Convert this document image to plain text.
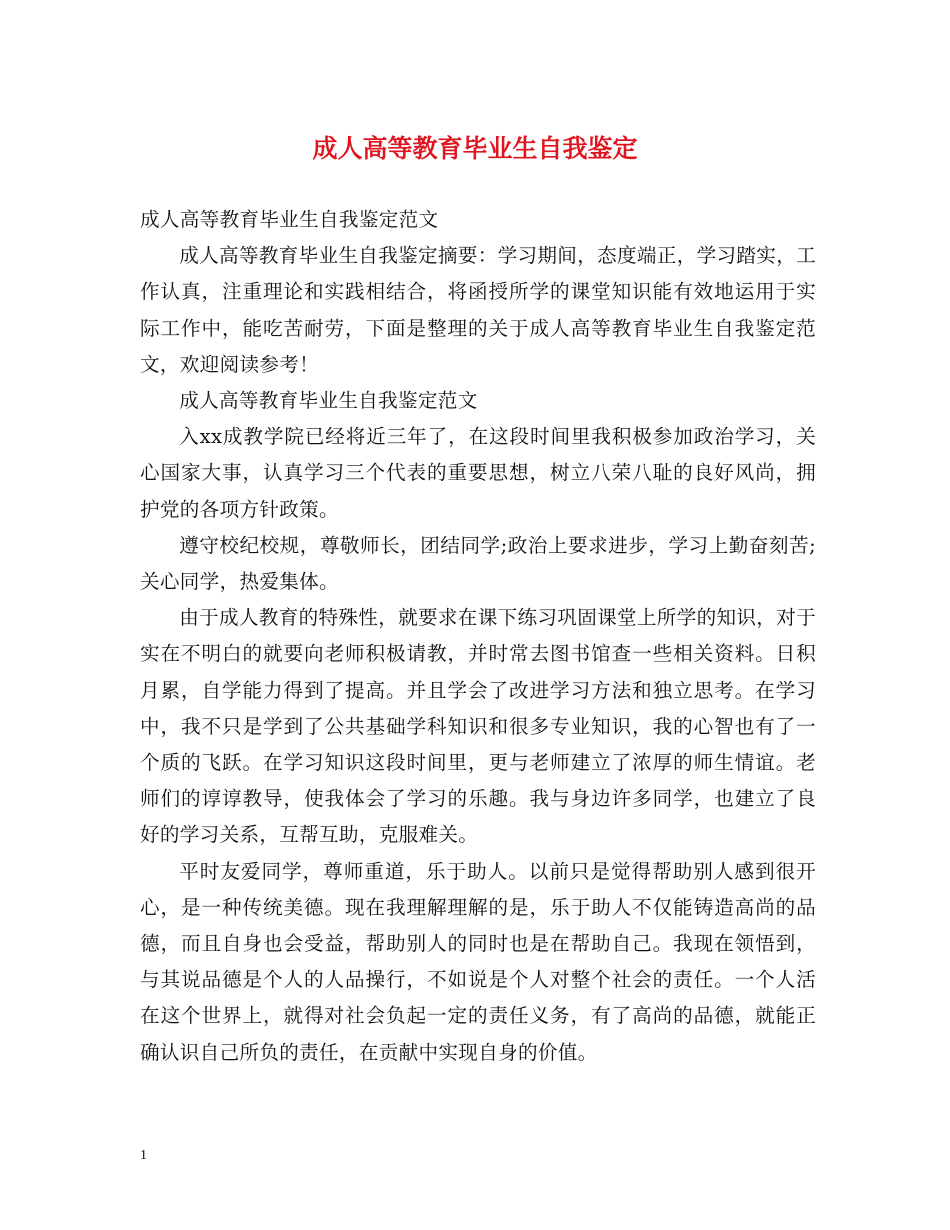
成人高等教育毕业生自我鉴定

成人高等教育毕业生自我鉴定范文

成人高等教育毕业生自我鉴定摘要：学习期间，态度端正，学习踏实，工作认真，注重理论和实践相结合，将函授所学的课堂知识能有效地运用于实际工作中，能吃苦耐劳，下面是整理的关于成人高等教育毕业生自我鉴定范文，欢迎阅读参考！

成人高等教育毕业生自我鉴定范文

入xx成教学院已经将近三年了，在这段时间里我积极参加政治学习，关心国家大事，认真学习三个代表的重要思想，树立八荣八耻的良好风尚，拥护党的各项方针政策。

遵守校纪校规，尊敬师长，团结同学;政治上要求进步，学习上勤奋刻苦;关心同学，热爱集体。

由于成人教育的特殊性，就要求在课下练习巩固课堂上所学的知识，对于实在不明白的就要向老师积极请教，并时常去图书馆查一些相关资料。日积月累，自学能力得到了提高。并且学会了改进学习方法和独立思考。在学习中，我不只是学到了公共基础学科知识和很多专业知识，我的心智也有了一个质的飞跃。在学习知识这段时间里，更与老师建立了浓厚的师生情谊。老师们的谆谆教导，使我体会了学习的乐趣。我与身边许多同学，也建立了良好的学习关系，互帮互助，克服难关。

平时友爱同学，尊师重道，乐于助人。以前只是觉得帮助别人感到很开心，是一种传统美德。现在我理解理解的是，乐于助人不仅能铸造高尚的品德，而且自身也会受益，帮助别人的同时也是在帮助自己。我现在领悟到，与其说品德是个人的人品操行，不如说是个人对整个社会的责任。一个人活在这个世界上，就得对社会负起一定的责任义务，有了高尚的品德，就能正确认识自己所负的责任，在贡献中实现自身的价值。

1
